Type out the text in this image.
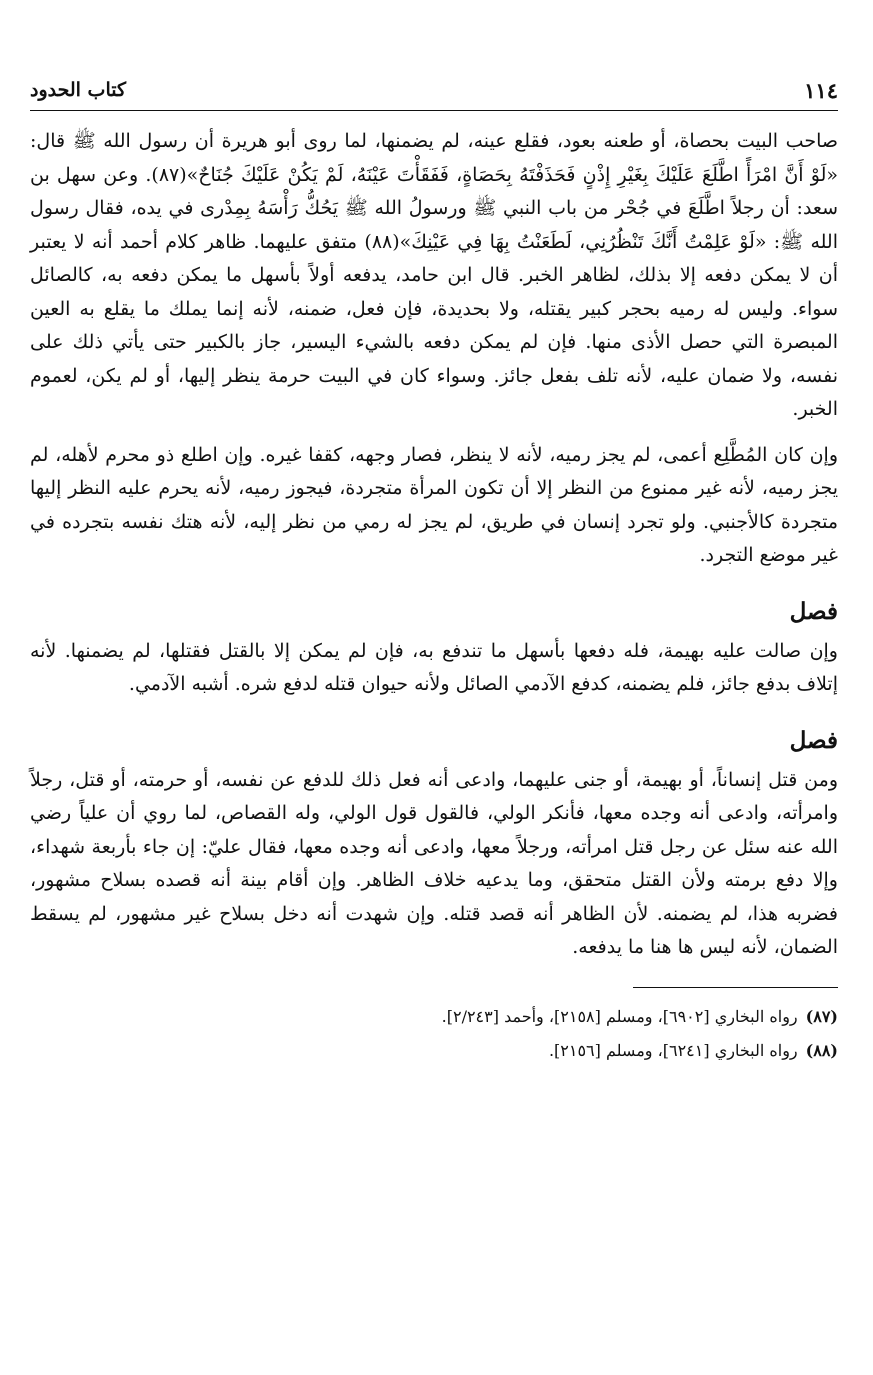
١١٤
كتاب الحدود

صاحب البيت بحصاة، أو طعنه بعود، فقلع عينه، لم يضمنها، لما روى أبو هريرة أن رسول الله ﷺ قال: «لَوْ أَنَّ امْرَأً اطَّلَعَ عَلَيْكَ بِغَيْرِ إِذْنٍ فَحَذَفْتَهُ بِحَصَاةٍ، فَفَقَأْتَ عَيْنَهُ، لَمْ يَكُنْ عَلَيْكَ جُنَاحٌ»(٨٧). وعن سهل بن سعد: أن رجلاً اطَّلَعَ في جُحْر من باب النبي ﷺ ورسولُ الله ﷺ يَحُكُّ رَأْسَهُ بِمِدْرى في يده، فقال رسول الله ﷺ: «لَوْ عَلِمْتُ أَنَّكَ تَنْظُرُنِي، لَطَعَنْتُ بِهَا فِي عَيْنِكَ»(٨٨) متفق عليهما. ظاهر كلام أحمد أنه لا يعتبر أن لا يمكن دفعه إلا بذلك، لظاهر الخبر. قال ابن حامد، يدفعه أولاً بأسهل ما يمكن دفعه به، كالصائل سواء. وليس له رميه بحجر كبير يقتله، ولا بحديدة، فإن فعل، ضمنه، لأنه إنما يملك ما يقلع به العين المبصرة التي حصل الأذى منها. فإن لم يمكن دفعه بالشيء اليسير، جاز بالكبير حتى يأتي ذلك على نفسه، ولا ضمان عليه، لأنه تلف بفعل جائز. وسواء كان في البيت حرمة ينظر إليها، أو لم يكن، لعموم الخبر.

وإن كان المُطَّلِع أعمى، لم يجز رميه، لأنه لا ينظر، فصار وجهه، كقفا غيره. وإن اطلع ذو محرم لأهله، لم يجز رميه، لأنه غير ممنوع من النظر إلا أن تكون المرأة متجردة، فيجوز رميه، لأنه يحرم عليه النظر إليها متجردة كالأجنبي. ولو تجرد إنسان في طريق، لم يجز له رمي من نظر إليه، لأنه هتك نفسه بتجرده في غير موضع التجرد.

فصل

وإن صالت عليه بهيمة، فله دفعها بأسهل ما تندفع به، فإن لم يمكن إلا بالقتل فقتلها، لم يضمنها. لأنه إتلاف بدفع جائز، فلم يضمنه، كدفع الآدمي الصائل ولأنه حيوان قتله لدفع شره. أشبه الآدمي.

فصل

ومن قتل إنساناً، أو بهيمة، أو جنى عليهما، وادعى أنه فعل ذلك للدفع عن نفسه، أو حرمته، أو قتل، رجلاً وامرأته، وادعى أنه وجده معها، فأنكر الولي، فالقول قول الولي، وله القصاص، لما روي أن علياً رضي الله عنه سئل عن رجل قتل امرأته، ورجلاً معها، وادعى أنه وجده معها، فقال عليّ: إن جاء بأربعة شهداء، وإلا دفع برمته ولأن القتل متحقق، وما يدعيه خلاف الظاهر. وإن أقام بينة أنه قصده بسلاح مشهور، فضربه هذا، لم يضمنه. لأن الظاهر أنه قصد قتله. وإن شهدت أنه دخل بسلاح غير مشهور، لم يسقط الضمان، لأنه ليس ها هنا ما يدفعه.

(٨٧)
رواه البخاري [٦٩٠٢]، ومسلم [٢١٥٨]، وأحمد [٢/٢٤٣].
(٨٨)
رواه البخاري [٦٢٤١]، ومسلم [٢١٥٦].
